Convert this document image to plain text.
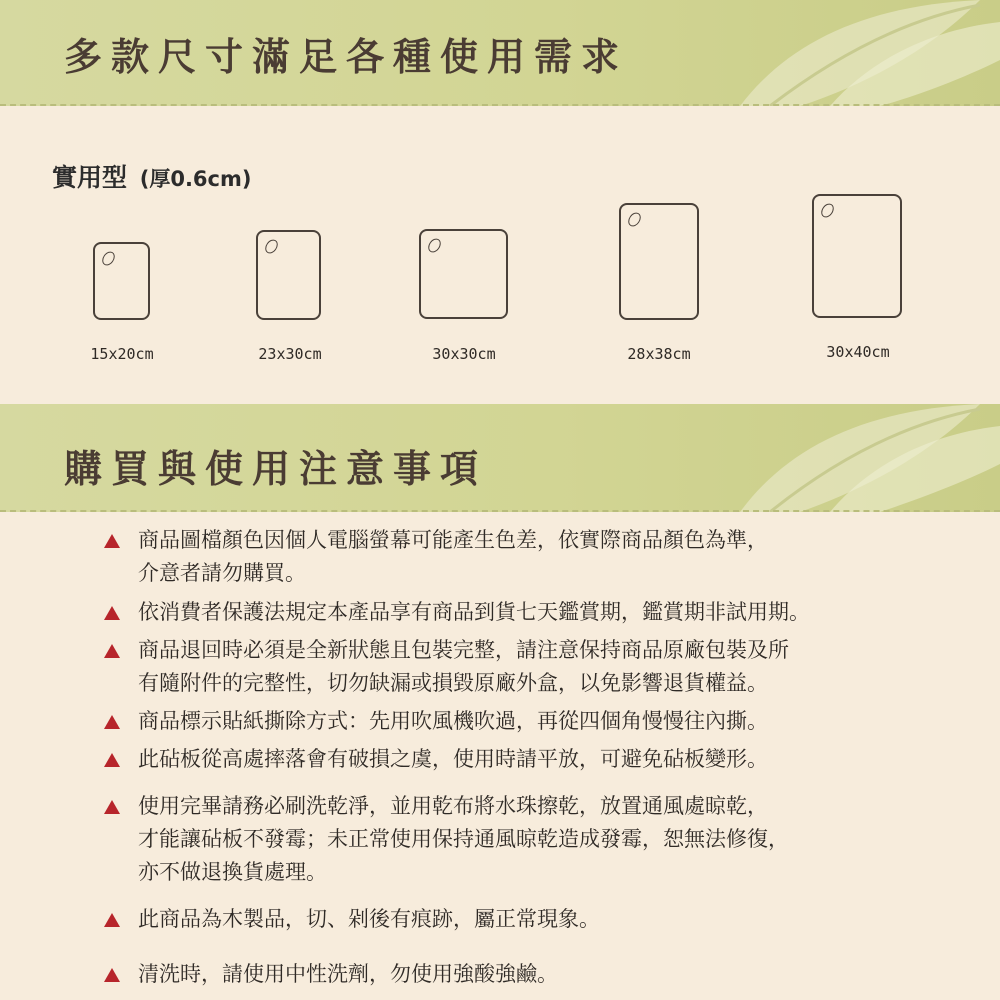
多款尺寸滿足各種使用需求
實用型 (厚0.6cm)
15x20cm	23x30cm	30x30cm	28x38cm	30x40cm
購買與使用注意事項
商品圖檔顏色因個人電腦螢幕可能產生色差，依實際商品顏色為準，
介意者請勿購買。
依消費者保護法規定本產品享有商品到貨七天鑑賞期，鑑賞期非試用期。
商品退回時必須是全新狀態且包裝完整，請注意保持商品原廠包裝及所
有隨附件的完整性，切勿缺漏或損毀原廠外盒，以免影響退貨權益。
商品標示貼紙撕除方式：先用吹風機吹過，再從四個角慢慢往內撕。
此砧板從高處摔落會有破損之虞，使用時請平放，可避免砧板變形。
使用完畢請務必刷洗乾淨，並用乾布將水珠擦乾，放置通風處晾乾，
才能讓砧板不發霉；未正常使用保持通風晾乾造成發霉，恕無法修復，
亦不做退換貨處理。
此商品為木製品，切、剁後有痕跡，屬正常現象。
清洗時，請使用中性洗劑，勿使用強酸強鹼。
